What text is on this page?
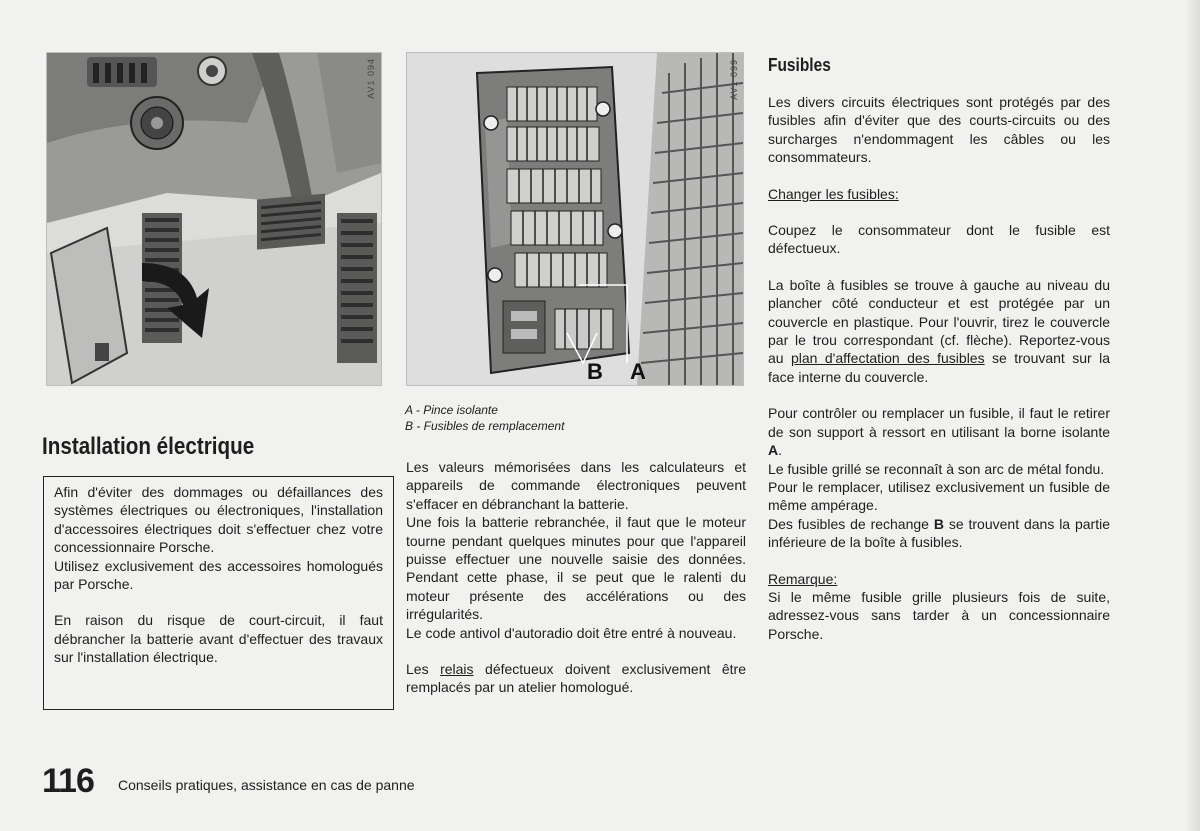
AV1 094
B A
AV1 099
A - Pince isolante
B - Fusibles de remplacement
Installation électrique

Afin d'éviter des dommages ou défaillances des systèmes électriques ou électroniques, l'installation d'accessoires électriques doit s'effectuer chez votre concessionnaire Porsche.

Utilisez exclusivement des accessoires homologués par Porsche.

En raison du risque de court-circuit, il faut débrancher la batterie avant d'effectuer des travaux sur l'installation électrique.

Les valeurs mémorisées dans les calculateurs et appareils de commande électroniques peuvent s'effacer en débranchant la batterie.

Une fois la batterie rebranchée, il faut que le moteur tourne pendant quelques minutes pour que l'appareil puisse effectuer une nouvelle saisie des données. Pendant cette phase, il se peut que le ralenti du moteur présente des accélérations ou des irrégularités.

Le code antivol d'autoradio doit être entré à nouveau.

Les relais défectueux doivent exclusivement être remplacés par un atelier homologué.

Fusibles

Les divers circuits électriques sont protégés par des fusibles afin d'éviter que des courts-circuits ou des surcharges n'endommagent les câbles ou les consommateurs.

Changer les fusibles:

Coupez le consommateur dont le fusible est défectueux.

La boîte à fusibles se trouve à gauche au niveau du plancher côté conducteur et est protégée par un couvercle en plastique. Pour l'ouvrir, tirez le couvercle par le trou correspondant (cf. flèche). Reportez-vous au plan d'affectation des fusibles se trouvant sur la face interne du couvercle.

Pour contrôler ou remplacer un fusible, il faut le retirer de son support à ressort en utilisant la borne isolante A.

Le fusible grillé se reconnaît à son arc de métal fondu.

Pour le remplacer, utilisez exclusivement un fusible de même ampérage.

Des fusibles de rechange B se trouvent dans la partie inférieure de la boîte à fusibles.

Remarque:

Si le même fusible grille plusieurs fois de suite, adressez-vous sans tarder à un concessionnaire Porsche.

116 Conseils pratiques, assistance en cas de panne
